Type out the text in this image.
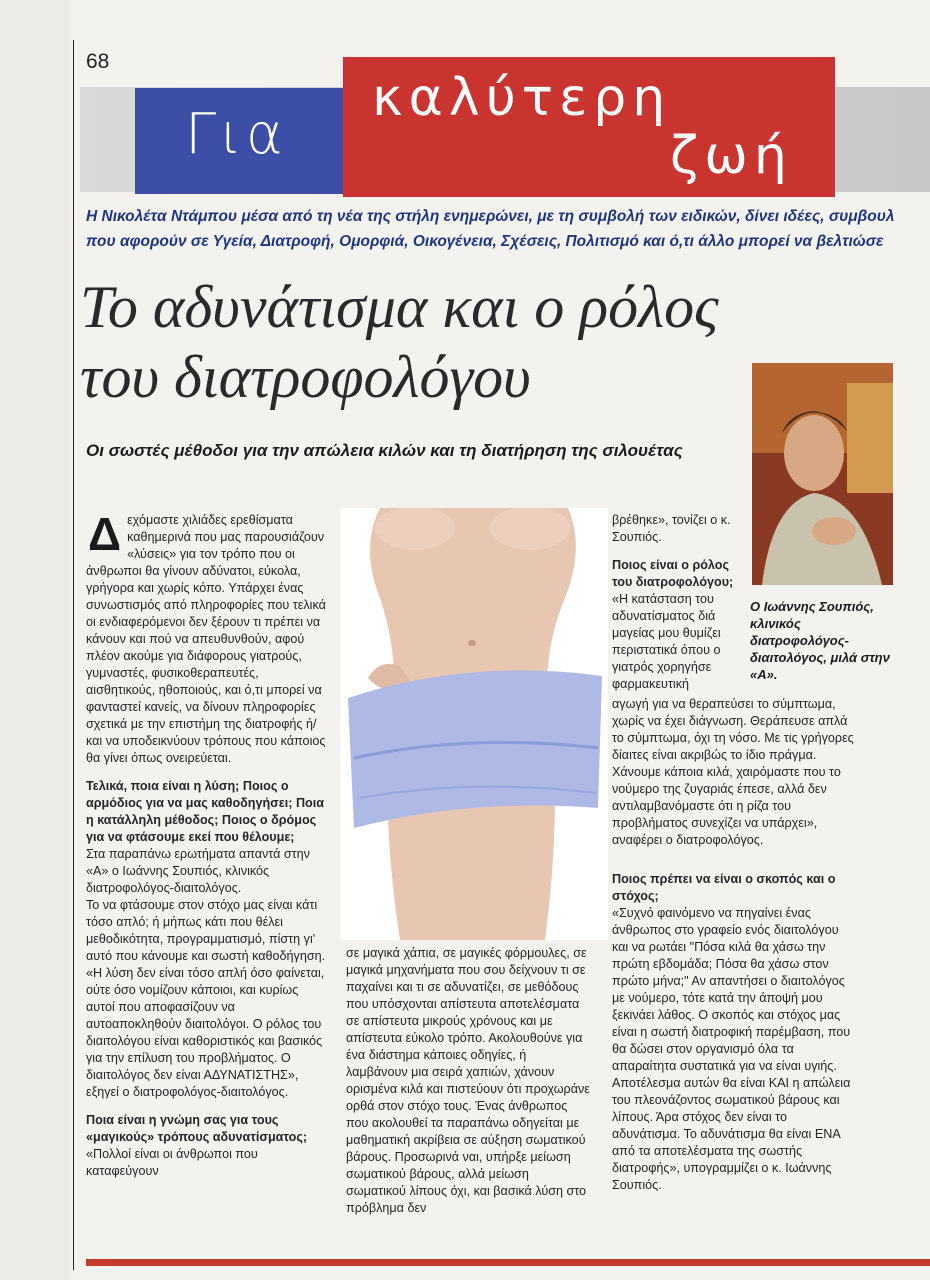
68
Για
καλύτερη
ζωή
Η Νικολέτα Ντάμπου μέσα από τη νέα της στήλη ενημερώνει, με τη συμβολή των ειδικών, δίνει ιδέες, συμβουλ
που αφορούν σε Υγεία, Διατροφή, Ομορφιά, Οικογένεια, Σχέσεις, Πολιτισμό και ό,τι άλλο μπορεί να βελτιώσε
Το αδυνάτισμα και ο ρόλος
του διατροφολόγου
Οι σωστές μέθοδοι για την απώλεια κιλών και τη διατήρηση της σιλουέτας
Ο Ιωάννης Σουπιός, κλινικός διατροφολόγος-διαιτολόγος, μιλά στην «Α».
Δ εχόμαστε χιλιάδες ερεθίσματα καθημερινά που μας παρουσιάζουν «λύσεις» για τον τρόπο που οι άνθρωποι θα γίνουν αδύνατοι, εύκολα, γρήγορα και χωρίς κόπο. Υπάρχει ένας συνωστισμός από πληροφορίες που τελικά οι ενδιαφερόμενοι δεν ξέρουν τι πρέπει να κάνουν και πού να απευθυνθούν, αφού πλέον ακούμε για διάφορους γιατρούς, γυμναστές, φυσικοθεραπευτές, αισθητικούς, ηθοποιούς, και ό,τι μπορεί να φανταστεί κανείς, να δίνουν πληροφορίες σχετικά με την επιστήμη της διατροφής ή/και να υποδεικνύουν τρόπους που κάποιος θα γίνει όπως ονειρεύεται.

Τελικά, ποια είναι η λύση; Ποιος ο αρμόδιος για να μας καθοδηγήσει; Ποια η κατάλληλη μέθοδος; Ποιος ο δρόμος για να φτάσουμε εκεί που θέλουμε;

Στα παραπάνω ερωτήματα απαντά στην «Α» ο Ιωάννης Σουπιός, κλινικός διατροφολόγος-διαιτολόγος.

Το να φτάσουμε στον στόχο μας είναι κάτι τόσο απλό; ή μήπως κάτι που θέλει μεθοδικότητα, προγραμματισμό, πίστη γι' αυτό που κάνουμε και σωστή καθοδήγηση. «Η λύση δεν είναι τόσο απλή όσο φαίνεται, ούτε όσο νομίζουν κάποιοι, και κυρίως αυτοί που αποφασίζουν να αυτοαποκληθούν διαιτολόγοι. Ο ρόλος του διαιτολόγου είναι καθοριστικός και βασικός για την επίλυση του προβλήματος. Ο διαιτολόγος δεν είναι ΑΔΥΝΑΤΙΣΤΗΣ», εξηγεί ο διατροφολόγος-διαιτολόγος.

Ποια είναι η γνώμη σας για τους «μαγικούς» τρόπους αδυνατίσματος;

«Πολλοί είναι οι άνθρωποι που καταφεύγουν

σε μαγικά χάπια, σε μαγικές φόρμουλες, σε μαγικά μηχανήματα που σου δείχνουν τι σε παχαίνει και τι σε αδυνατίζει, σε μεθόδους που υπόσχονται απίστευτα αποτελέσματα σε απίστευτα μικρούς χρόνους και με απίστευτα εύκολο τρόπο. Ακολουθούνε για ένα διάστημα κάποιες οδηγίες, ή λαμβάνουν μια σειρά χαπιών, χάνουν ορισμένα κιλά και πιστεύουν ότι προχωράνε ορθά στον στόχο τους. Ένας άνθρωπος που ακολουθεί τα παραπάνω οδηγείται με μαθηματική ακρίβεια σε αύξηση σωματικού βάρους. Προσωρινά ναι, υπήρξε μείωση σωματικού βάρους, αλλά μείωση σωματικού λίπους όχι, και βασικά λύση στο πρόβλημα δεν

βρέθηκε», τονίζει ο κ. Σουπιός.

Ποιος είναι ο ρόλος του διατροφολόγου;

«Η κατάσταση του αδυνατίσματος διά μαγείας μου θυμίζει περιστατικά όπου ο γιατρός χορηγήσε φαρμακευτική

αγωγή για να θεραπεύσει το σύμπτωμα, χωρίς να έχει διάγνωση. Θεράπευσε απλά το σύμπτωμα, όχι τη νόσο. Με τις γρήγορες δίαιτες είναι ακριβώς το ίδιο πράγμα. Χάνουμε κάποια κιλά, χαιρόμαστε που το νούμερο της ζυγαριάς έπεσε, αλλά δεν αντιλαμβανόμαστε ότι η ρίζα του προβλήματος συνεχίζει να υπάρχει», αναφέρει ο διατροφολόγος.

Ποιος πρέπει να είναι ο σκοπός και ο στόχος;

«Συχνό φαινόμενο να πηγαίνει ένας άνθρωπος στο γραφείο ενός διαιτολόγου και να ρωτάει "Πόσα κιλά θα χάσω την πρώτη εβδομάδα; Πόσα θα χάσω στον πρώτο μήνα;" Αν απαντήσει ο διαιτολόγος με νούμερο, τότε κατά την άποψή μου ξεκινάει λάθος. Ο σκοπός και στόχος μας είναι η σωστή διατροφική παρέμβαση, που θα δώσει στον οργανισμό όλα τα απαραίτητα συστατικά για να είναι υγιής. Αποτέλεσμα αυτών θα είναι ΚΑΙ η απώλεια του πλεονάζοντος σωματικού βάρους και λίπους. Άρα στόχος δεν είναι το αδυνάτισμα. Το αδυνάτισμα θα είναι ΕΝΑ από τα αποτελέσματα της σωστής διατροφής», υπογραμμίζει ο κ. Ιωάννης Σουπιός.
